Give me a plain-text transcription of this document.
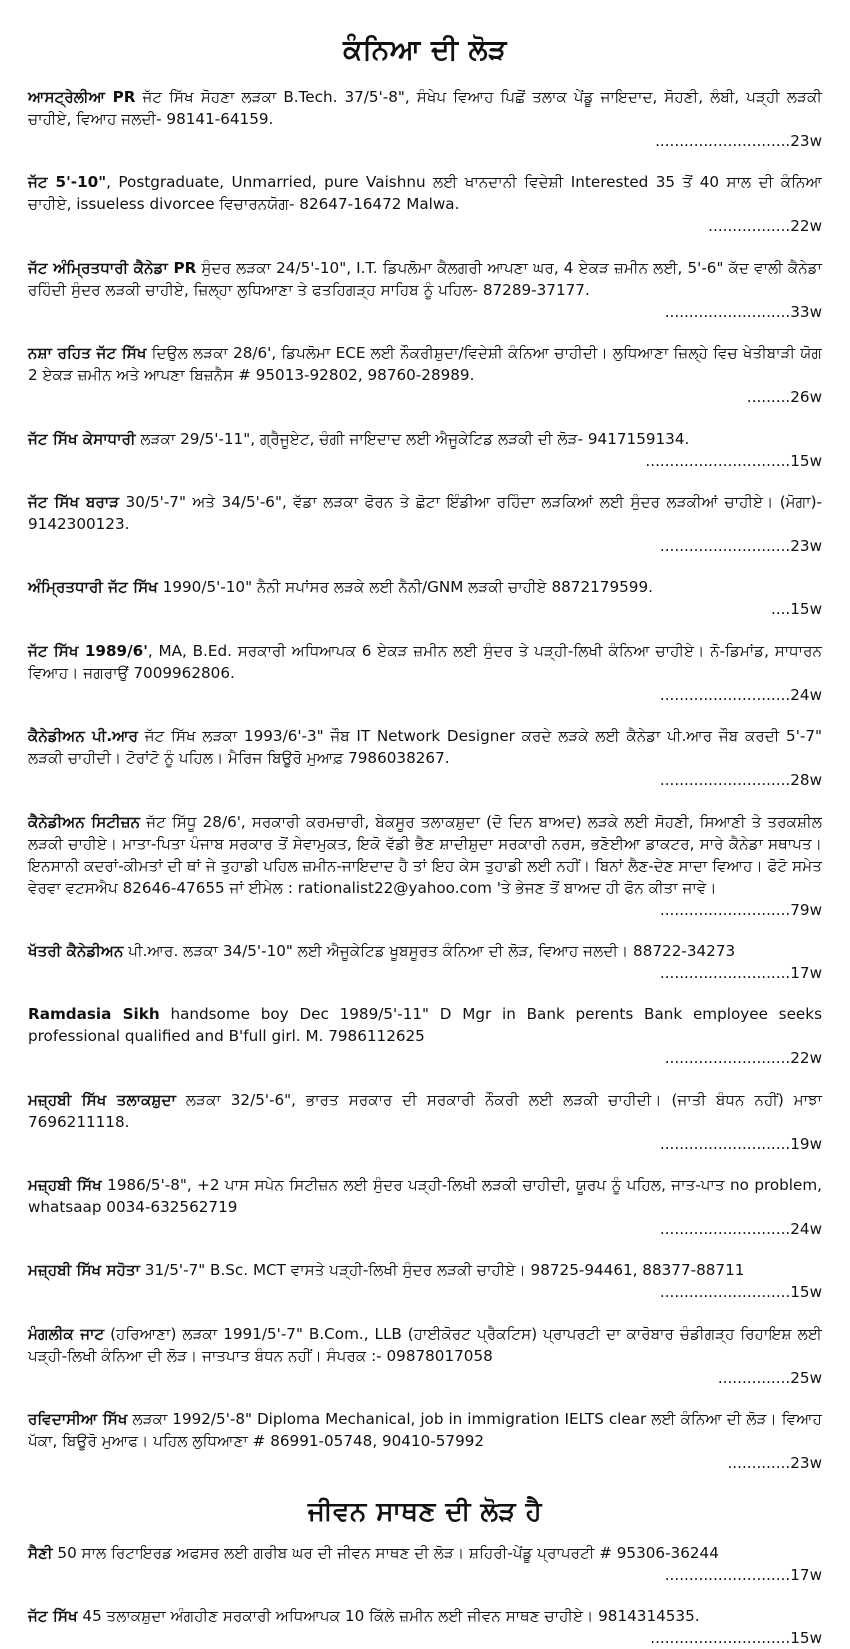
ਕੰਨਿਆ ਦੀ ਲੋੜ
ਆਸਟ੍ਰੇਲੀਆ PR ਜੱਟ ਸਿੱਖ ਸੋਹਣਾ ਲੜਕਾ B.Tech. 37/5'-8", ਸੰਖੇਪ ਵਿਆਹ ਪਿਛੋਂ ਤਲਾਕ ਪੇਂਡੂ ਜਾਇਦਾਦ, ਸੋਹਣੀ, ਲੰਬੀ, ਪੜ੍ਹੀ ਲੜਕੀ ਚਾਹੀਏ, ਵਿਆਹ ਜਲਦੀ- 98141-64159.
............................23w
ਜੱਟ 5'-10", Postgraduate, Unmarried, pure Vaishnu ਲਈ ਖਾਨਦਾਨੀ ਵਿਦੇਸ਼ੀ Interested 35 ਤੋਂ 40 ਸਾਲ ਦੀ ਕੰਨਿਆ ਚਾਹੀਏ, issueless divorcee ਵਿਚਾਰਨਯੋਗ- 82647-16472 Malwa.
.................22w
ਜੱਟ ਅੰਮ੍ਰਿਤਧਾਰੀ ਕੈਨੇਡਾ PR ਸੁੰਦਰ ਲੜਕਾ 24/5'-10", I.T. ਡਿਪਲੋਮਾ ਕੈਲਗਰੀ ਆਪਣਾ ਘਰ, 4 ਏਕੜ ਜ਼ਮੀਨ ਲਈ, 5'-6" ਕੱਦ ਵਾਲੀ ਕੈਨੇਡਾ ਰਹਿੰਦੀ ਸੁੰਦਰ ਲੜਕੀ ਚਾਹੀਏ, ਜ਼ਿਲ੍ਹਾ ਲੁਧਿਆਣਾ ਤੇ ਫਤਹਿਗੜ੍ਹ ਸਾਹਿਬ ਨੂੰ ਪਹਿਲ- 87289-37177.
..........................33w
ਨਸ਼ਾ ਰਹਿਤ ਜੱਟ ਸਿੱਖ ਦਿਉਲ ਲੜਕਾ 28/6', ਡਿਪਲੋਮਾ ECE ਲਈ ਨੌਕਰੀਸ਼ੁਦਾ/ਵਿਦੇਸ਼ੀ ਕੰਨਿਆ ਚਾਹੀਦੀ। ਲੁਧਿਆਣਾ ਜ਼ਿਲ੍ਹੇ ਵਿਚ ਖੇਤੀਬਾੜੀ ਯੋਗ 2 ਏਕੜ ਜ਼ਮੀਨ ਅਤੇ ਆਪਣਾ ਬਿਜ਼ਨੈਸ # 95013-92802, 98760-28989.
.........26w
ਜੱਟ ਸਿੱਖ ਕੇਸਾਧਾਰੀ ਲੜਕਾ 29/5'-11", ਗ੍ਰੈਜੂਏਟ, ਚੰਗੀ ਜਾਇਦਾਦ ਲਈ ਐਜੂਕੇਟਿਡ ਲੜਕੀ ਦੀ ਲੋੜ- 9417159134.
..............................15w
ਜੱਟ ਸਿੱਖ ਬਰਾੜ 30/5'-7" ਅਤੇ 34/5'-6", ਵੱਡਾ ਲੜਕਾ ਫੋਰਨ ਤੇ ਛੋਟਾ ਇੰਡੀਆ ਰਹਿੰਦਾ ਲੜਕਿਆਂ ਲਈ ਸੁੰਦਰ ਲੜਕੀਆਂ ਚਾਹੀਏ। (ਮੋਗਾ)- 9142300123.
...........................23w
ਅੰਮ੍ਰਿਤਧਾਰੀ ਜੱਟ ਸਿੱਖ 1990/5'-10" ਨੈਨੀ ਸਪਾਂਸਰ ਲੜਕੇ ਲਈ ਨੈਨੀ/GNM ਲੜਕੀ ਚਾਹੀਏ 8872179599.
....15w
ਜੱਟ ਸਿੱਖ 1989/6', MA, B.Ed. ਸਰਕਾਰੀ ਅਧਿਆਪਕ 6 ਏਕੜ ਜ਼ਮੀਨ ਲਈ ਸੁੰਦਰ ਤੇ ਪੜ੍ਹੀ-ਲਿਖੀ ਕੰਨਿਆ ਚਾਹੀਏ। ਨੋ-ਡਿਮਾਂਡ, ਸਾਧਾਰਨ ਵਿਆਹ। ਜਗਰਾਉਂ 7009962806.
...........................24w
ਕੈਨੇਡੀਅਨ ਪੀ.ਆਰ ਜੱਟ ਸਿੱਖ ਲੜਕਾ 1993/6'-3" ਜੌਬ IT Network Designer ਕਰਦੇ ਲੜਕੇ ਲਈ ਕੈਨੇਡਾ ਪੀ.ਆਰ ਜੌਬ ਕਰਦੀ 5'-7" ਲੜਕੀ ਚਾਹੀਦੀ। ਟੋਰਾਂਟੋ ਨੂੰ ਪਹਿਲ। ਮੈਰਿਜ ਬਿਊਰੋ ਮੁਆਫ਼ 7986038267.
...........................28w
ਕੈਨੇਡੀਅਨ ਸਿਟੀਜ਼ਨ ਜੱਟ ਸਿੱਧੂ 28/6', ਸਰਕਾਰੀ ਕਰਮਚਾਰੀ, ਬੇਕਸੂਰ ਤਲਾਕਸ਼ੁਦਾ (ਦੋ ਦਿਨ ਬਾਅਦ) ਲੜਕੇ ਲਈ ਸੋਹਣੀ, ਸਿਆਣੀ ਤੇ ਤਰਕਸ਼ੀਲ ਲੜਕੀ ਚਾਹੀਏ। ਮਾਤਾ-ਪਿਤਾ ਪੰਜਾਬ ਸਰਕਾਰ ਤੋਂ ਸੇਵਾਮੁਕਤ, ਇਕੋ ਵੱਡੀ ਭੈਣ ਸ਼ਾਦੀਸ਼ੁਦਾ ਸਰਕਾਰੀ ਨਰਸ, ਭਣੋਈਆ ਡਾਕਟਰ, ਸਾਰੇ ਕੈਨੇਡਾ ਸਥਾਪਤ। ਇਨਸਾਨੀ ਕਦਰਾਂ-ਕੀਮਤਾਂ ਦੀ ਥਾਂ ਜੇ ਤੁਹਾਡੀ ਪਹਿਲ ਜ਼ਮੀਨ-ਜਾਇਦਾਦ ਹੈ ਤਾਂ ਇਹ ਕੇਸ ਤੁਹਾਡੀ ਲਈ ਨਹੀਂ। ਬਿਨਾਂ ਲੈਣ-ਦੇਣ ਸਾਦਾ ਵਿਆਹ। ਫੋਟੋ ਸਮੇਤ ਵੇਰਵਾ ਵਟਸਐਪ 82646-47655 ਜਾਂ ਈਮੇਲ : rationalist22@yahoo.com 'ਤੇ ਭੇਜਣ ਤੋਂ ਬਾਅਦ ਹੀ ਫੋਨ ਕੀਤਾ ਜਾਵੇ।
...........................79w
ਖੱਤਰੀ ਕੈਨੇਡੀਅਨ ਪੀ.ਆਰ. ਲੜਕਾ 34/5'-10" ਲਈ ਐਜੂਕੇਟਿਡ ਖੂਬਸੂਰਤ ਕੰਨਿਆ ਦੀ ਲੋੜ, ਵਿਆਹ ਜਲਦੀ। 88722-34273
...........................17w
Ramdasia Sikh handsome boy Dec 1989/5'-11" D Mgr in Bank perents Bank employee seeks professional qualified and B'full girl. M. 7986112625
..........................22w
ਮਜ਼੍ਹਬੀ ਸਿੱਖ ਤਲਾਕਸ਼ੁਦਾ ਲੜਕਾ 32/5'-6", ਭਾਰਤ ਸਰਕਾਰ ਦੀ ਸਰਕਾਰੀ ਨੌਕਰੀ ਲਈ ਲੜਕੀ ਚਾਹੀਦੀ। (ਜਾਤੀ ਬੰਧਨ ਨਹੀਂ) ਮਾਝਾ 7696211118.
...........................19w
ਮਜ਼੍ਹਬੀ ਸਿੱਖ 1986/5'-8", +2 ਪਾਸ ਸਪੇਨ ਸਿਟੀਜ਼ਨ ਲਈ ਸੁੰਦਰ ਪੜ੍ਹੀ-ਲਿਖੀ ਲੜਕੀ ਚਾਹੀਦੀ, ਯੂਰਪ ਨੂੰ ਪਹਿਲ, ਜਾਤ-ਪਾਤ no problem, whatsaap 0034-632562719
...........................24w
ਮਜ਼੍ਹਬੀ ਸਿੱਖ ਸਹੋਤਾ 31/5'-7" B.Sc. MCT ਵਾਸਤੇ ਪੜ੍ਹੀ-ਲਿਖੀ ਸੁੰਦਰ ਲੜਕੀ ਚਾਹੀਏ। 98725-94461, 88377-88711
...........................15w
ਮੰਗਲੀਕ ਜਾਟ (ਹਰਿਆਣਾ) ਲੜਕਾ 1991/5'-7" B.Com., LLB (ਹਾਈਕੋਰਟ ਪ੍ਰੈਕਟਿਸ) ਪ੍ਰਾਪਰਟੀ ਦਾ ਕਾਰੋਬਾਰ ਚੰਡੀਗੜ੍ਹ ਰਿਹਾਇਸ਼ ਲਈ ਪੜ੍ਹੀ-ਲਿਖੀ ਕੰਨਿਆ ਦੀ ਲੋੜ। ਜਾਤਪਾਤ ਬੰਧਨ ਨਹੀਂ। ਸੰਪਰਕ :- 09878017058
...............25w
ਰਵਿਦਾਸੀਆ ਸਿੱਖ ਲੜਕਾ 1992/5'-8" Diploma Mechanical, job in immigration IELTS clear ਲਈ ਕੰਨਿਆ ਦੀ ਲੋੜ। ਵਿਆਹ ਪੱਕਾ, ਬਿਊਰੋ ਮੁਆਫ। ਪਹਿਲ ਲੁਧਿਆਣਾ # 86991-05748, 90410-57992
.............23w
ਜੀਵਨ ਸਾਥਣ ਦੀ ਲੋੜ ਹੈ
ਸੈਣੀ 50 ਸਾਲ ਰਿਟਾਇਰਡ ਅਫਸਰ ਲਈ ਗਰੀਬ ਘਰ ਦੀ ਜੀਵਨ ਸਾਥਣ ਦੀ ਲੋੜ। ਸ਼ਹਿਰੀ-ਪੇਂਡੂ ਪ੍ਰਾਪਰਟੀ # 95306-36244
..........................17w
ਜੱਟ ਸਿੱਖ 45 ਤਲਾਕਸ਼ੁਦਾ ਅੰਗਹੀਣ ਸਰਕਾਰੀ ਅਧਿਆਪਕ 10 ਕਿੱਲੇ ਜ਼ਮੀਨ ਲਈ ਜੀਵਨ ਸਾਥਣ ਚਾਹੀਏ। 9814314535.
.............................15w
